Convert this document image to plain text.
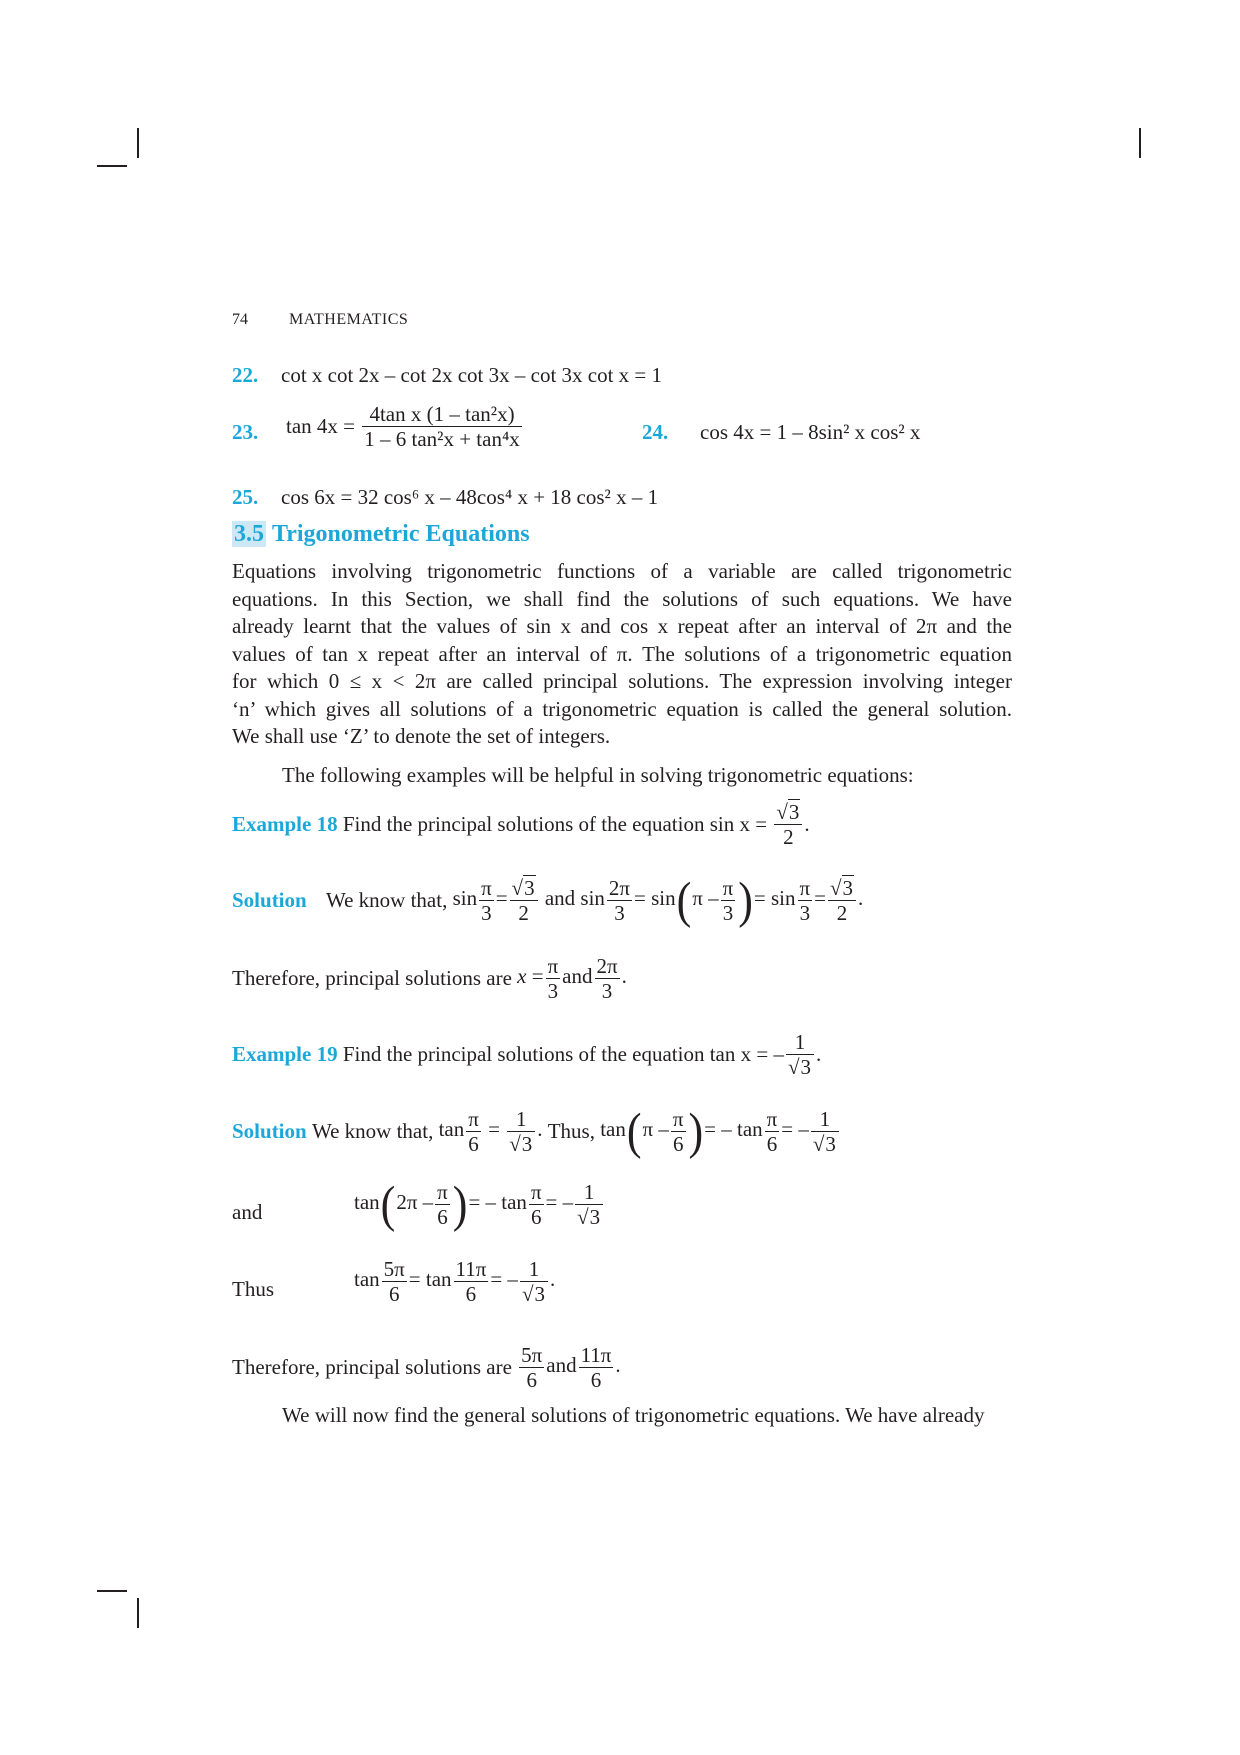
74	MATHEMATICS
22. cot x cot 2x – cot 2x cot 3x – cot 3x cot x = 1
23. $\tan 4x = \frac{\text{4tan x (1 – tan²x)}}{\text{1 – 6 tan²x + tan⁴x}}$	24. cos 4x = 1 – 8sin² x cos² x
25. cos 6x = 32 cos⁶ x – 48cos⁴ x + 18 cos² x – 1
3.5 Trigonometric Equations
Equations involving trigonometric functions of a variable are called trigonometric
equations. In this Section, we shall find the solutions of such equations. We have
already learnt that the values of sin x and cos x repeat after an interval of 2π and the
values of tan x repeat after an interval of π. The solutions of a trigonometric equation
for which 0 ≤ x < 2π are called principal solutions. The expression involving integer
‘n’ which gives all solutions of a trigonometric equation is called the general solution.
We shall use ‘Z’ to denote the set of integers.
The following examples will be helpful in solving trigonometric equations:
Example 18 Find the principal solutions of the equation $\sin x = \frac{√3}{2}$ .
Solution We know that, $\sin \frac{\pi}{3} = \frac{√3}{2}$ and $\sin \frac{2\pi}{3} = \sin(\pi - \frac{\pi}{3}$ )= $\sin \frac{\pi}{3} = \frac{√3}{2}$ .
Therefore, principal solutions are $x = \frac{\pi}{3}$ and $\frac{2\pi}{3}$ .
Example 19 Find the principal solutions of the equation tan x = – $\frac{1}{√3}$ .
Solution We know that, $\tan \frac{\pi}{6} = \frac{1}{√3}$ . Thus, $\tan(\pi - \frac{\pi}{6}$ )= – $\tan \frac{\pi}{6}$ = – $\frac{1}{√3}$
and	$\tan(2\pi - \frac{\pi}{6}$ )= – $\tan \frac{\pi}{6}$ = – $\frac{1}{√3}$
Thus	$\tan \frac{5\pi}{6} = \tan \frac{11\pi}{6}$ = – $\frac{1}{√3}$ .
Therefore, principal solutions are $\frac{5\pi}{6}$ and $\frac{11\pi}{6}$ .
We will now find the general solutions of trigonometric equations. We have already
